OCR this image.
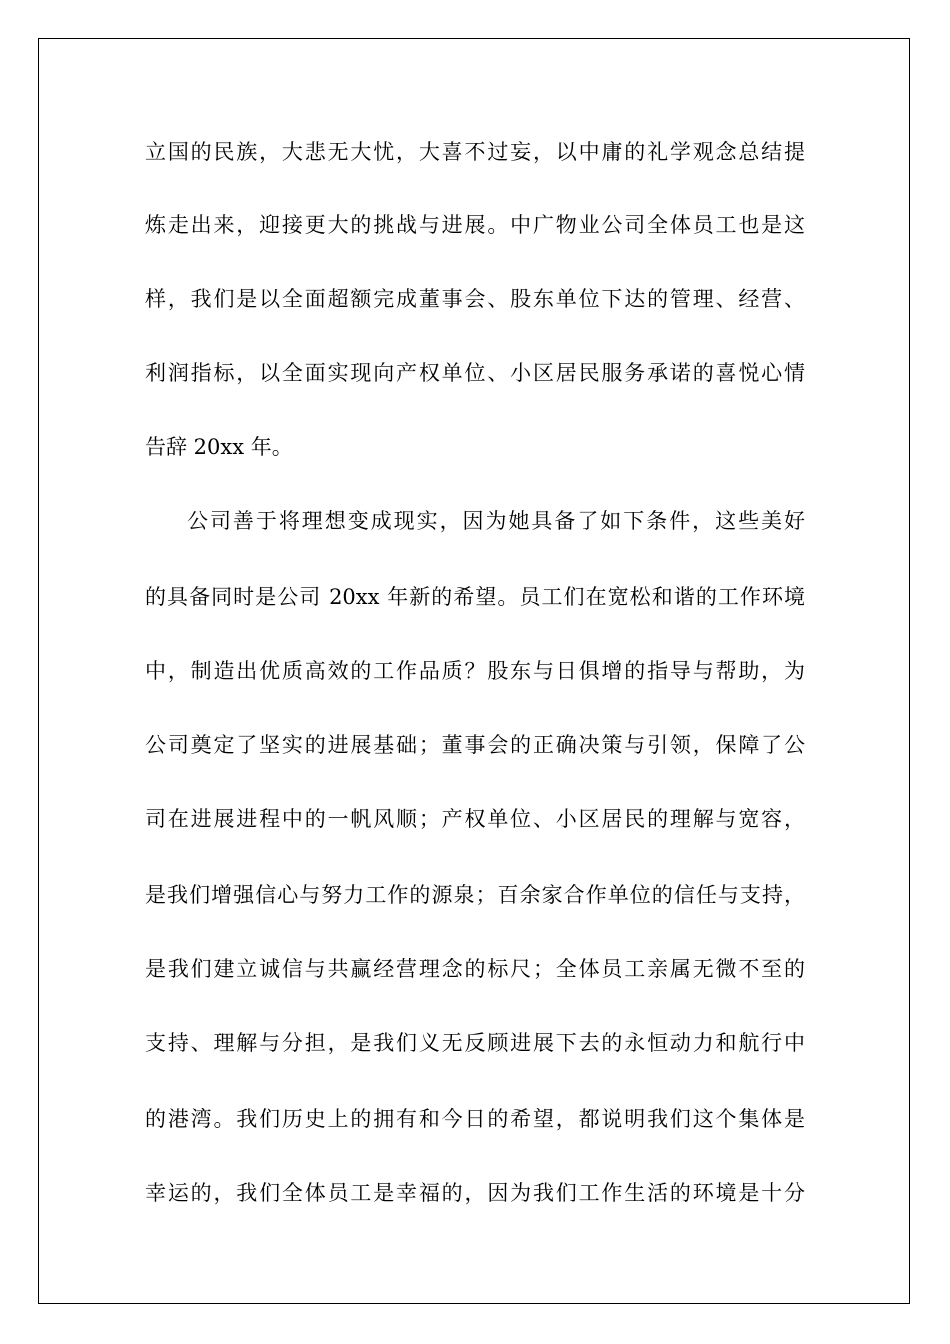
立国的民族，大悲无大忧，大喜不过妄，以中庸的礼学观念总结提
炼走出来，迎接更大的挑战与进展。中广物业公司全体员工也是这
样，我们是以全面超额完成董事会、股东单位下达的管理、经营、
利润指标，以全面实现向产权单位、小区居民服务承诺的喜悦心情
告辞 20xx 年。
公司善于将理想变成现实，因为她具备了如下条件，这些美好
的具备同时是公司 20xx 年新的希望。员工们在宽松和谐的工作环境
中，制造出优质高效的工作品质？股东与日俱增的指导与帮助，为
公司奠定了坚实的进展基础；董事会的正确决策与引领，保障了公
司在进展进程中的一帆风顺；产权单位、小区居民的理解与宽容，
是我们增强信心与努力工作的源泉；百余家合作单位的信任与支持，
是我们建立诚信与共赢经营理念的标尺；全体员工亲属无微不至的
支持、理解与分担，是我们义无反顾进展下去的永恒动力和航行中
的港湾。我们历史上的拥有和今日的希望，都说明我们这个集体是
幸运的，我们全体员工是幸福的，因为我们工作生活的环境是十分
